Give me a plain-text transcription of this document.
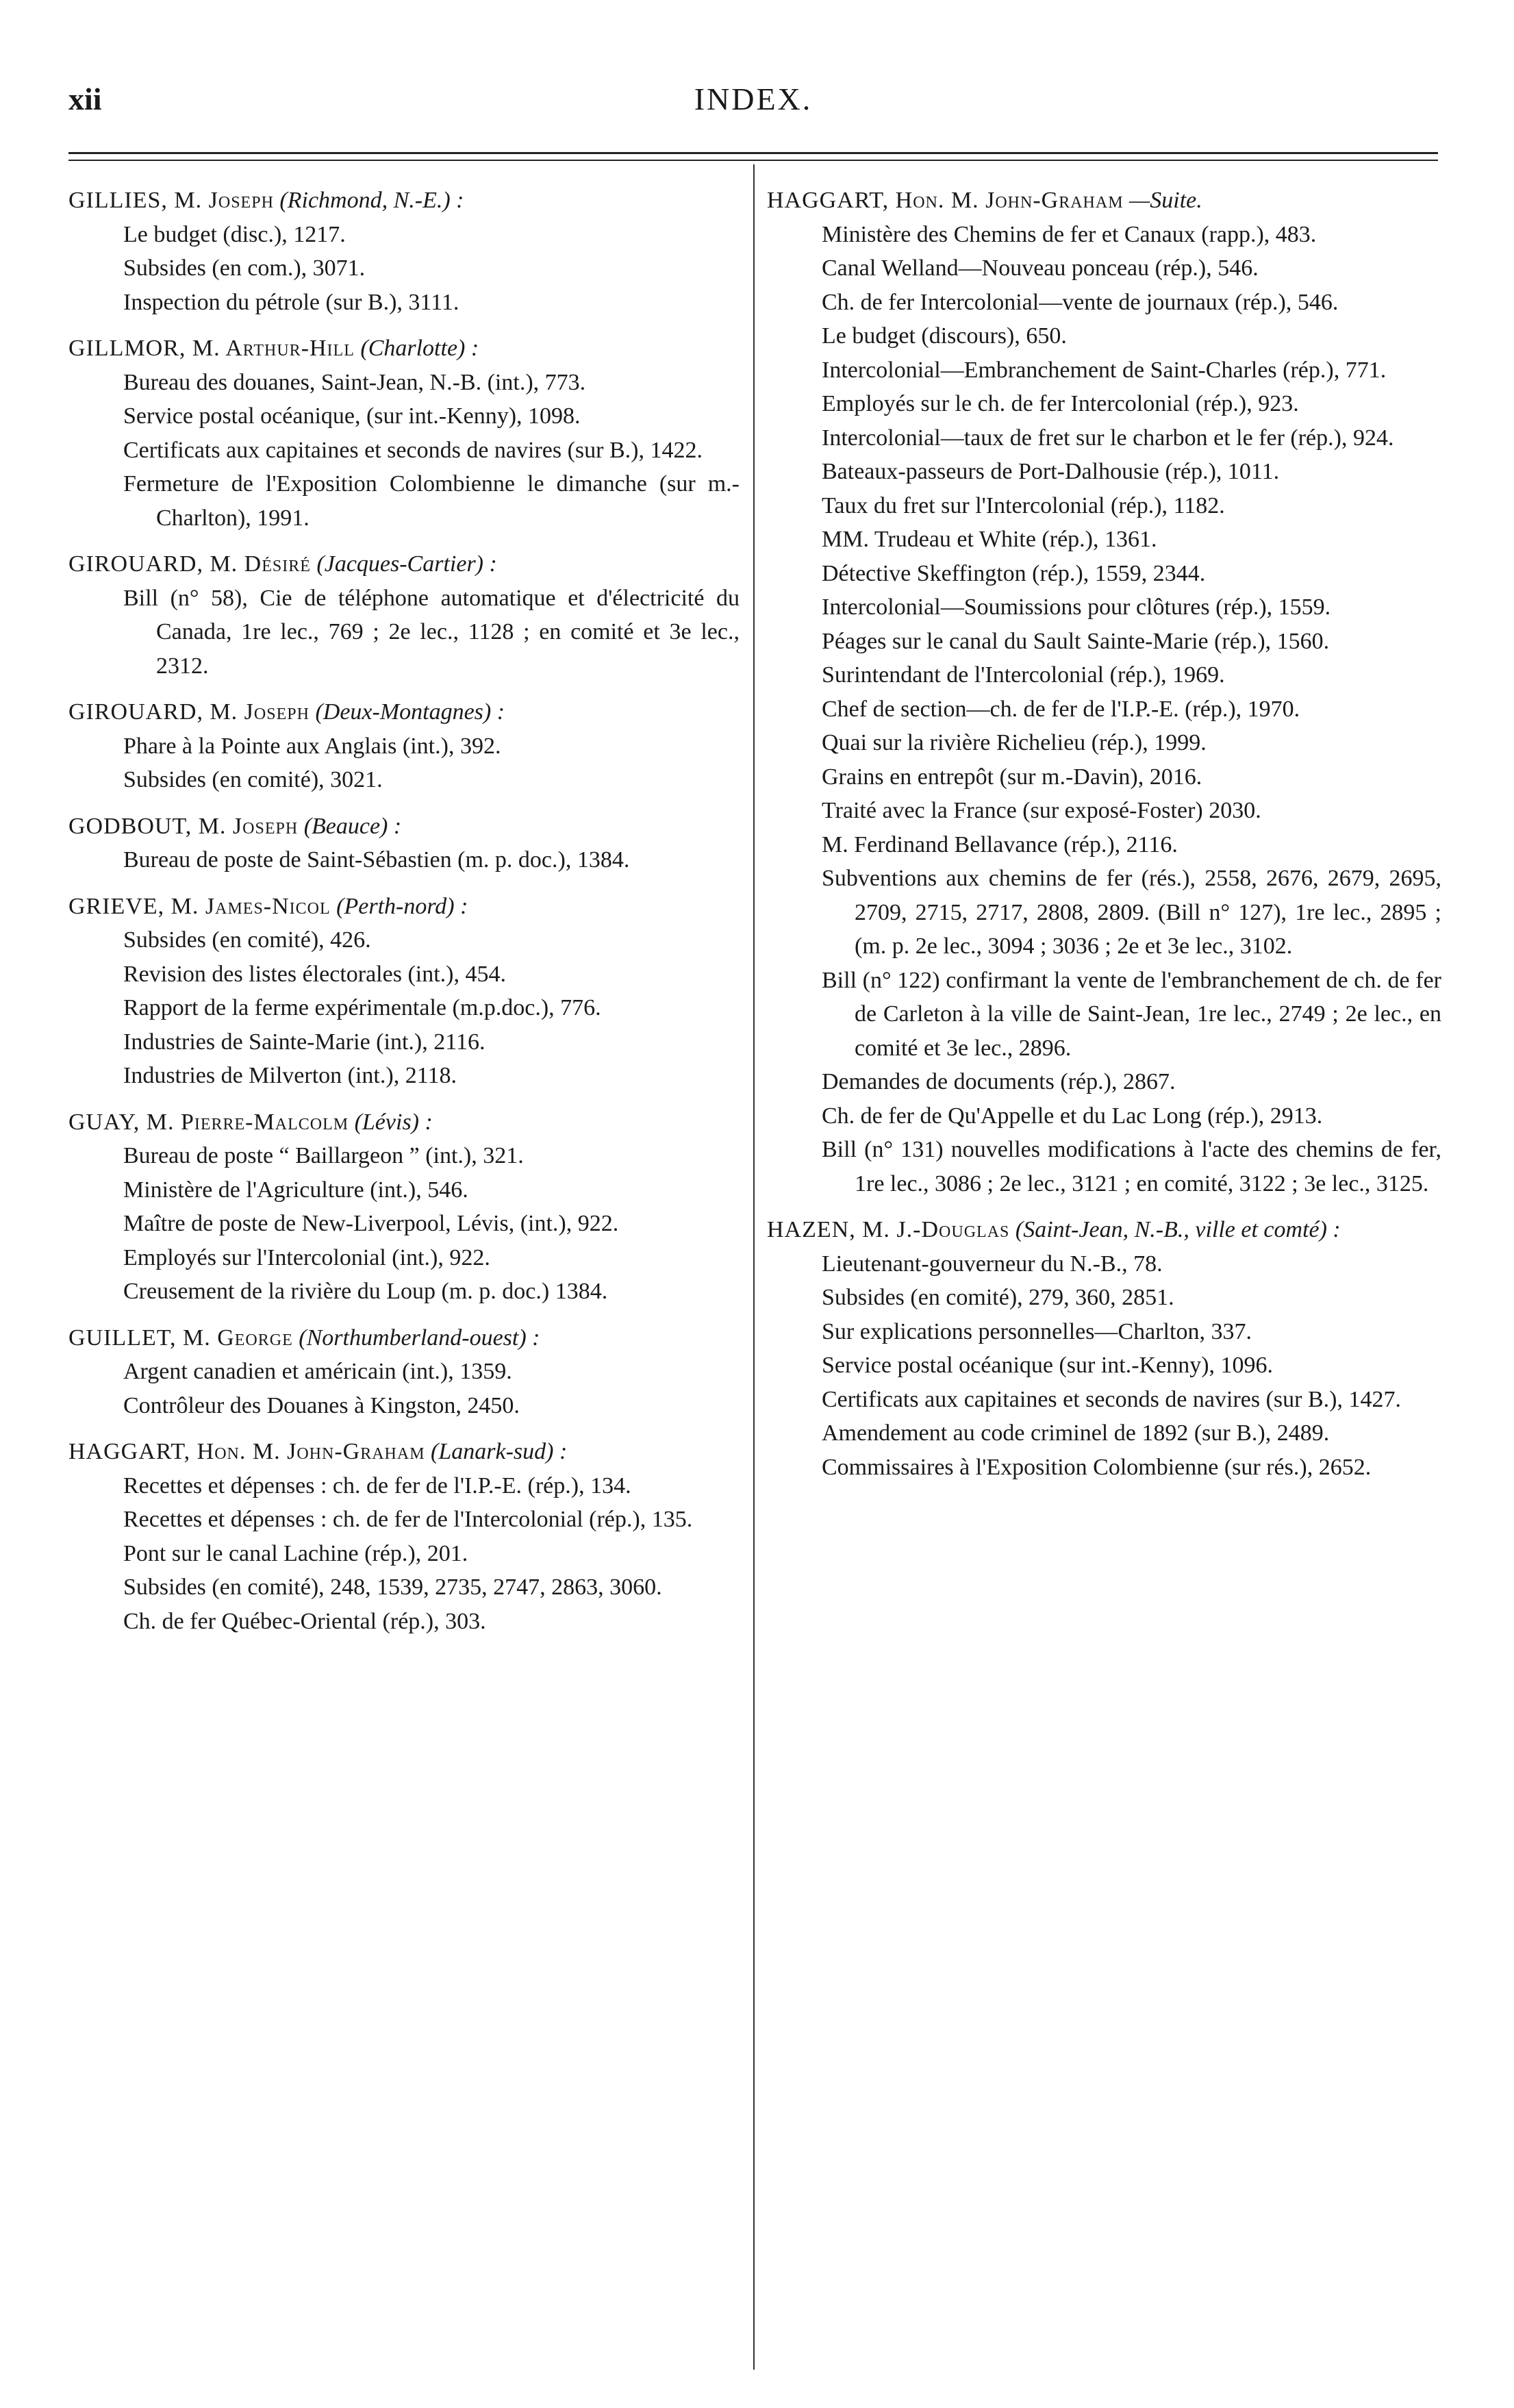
xii	INDEX.
GILLIES, M. Joseph (Richmond, N.-E.) :
Le budget (disc.), 1217.
Subsides (en com.), 3071.
Inspection du pétrole (sur B.), 3111.
GILLMOR, M. Arthur-Hill (Charlotte) :
Bureau des douanes, Saint-Jean, N.-B. (int.), 773.
Service postal océanique, (sur int.-Kenny), 1098.
Certificats aux capitaines et seconds de navires (sur B.), 1422.
Fermeture de l'Exposition Colombienne le dimanche (sur m.-Charlton), 1991.
GIROUARD, M. Désiré (Jacques-Cartier) :
Bill (n° 58), Cie de téléphone automatique et d'électricité du Canada, 1re lec., 769 ; 2e lec., 1128 ; en comité et 3e lec., 2312.
GIROUARD, M. Joseph (Deux-Montagnes) :
Phare à la Pointe aux Anglais (int.), 392.
Subsides (en comité), 3021.
GODBOUT, M. Joseph (Beauce) :
Bureau de poste de Saint-Sébastien (m. p. doc.), 1384.
GRIEVE, M. James-Nicol (Perth-nord) :
Subsides (en comité), 426.
Revision des listes électorales (int.), 454.
Rapport de la ferme expérimentale (m.p.doc.), 776.
Industries de Sainte-Marie (int.), 2116.
Industries de Milverton (int.), 2118.
GUAY, M. Pierre-Malcolm (Lévis) :
Bureau de poste “ Baillargeon ” (int.), 321.
Ministère de l'Agriculture (int.), 546.
Maître de poste de New-Liverpool, Lévis, (int.), 922.
Employés sur l'Intercolonial (int.), 922.
Creusement de la rivière du Loup (m. p. doc.) 1384.
GUILLET, M. George (Northumberland-ouest) :
Argent canadien et américain (int.), 1359.
Contrôleur des Douanes à Kingston, 2450.
HAGGART, Hon. M. John-Graham (Lanark-sud) :
Recettes et dépenses : ch. de fer de l'I.P.-E. (rép.), 134.
Recettes et dépenses : ch. de fer de l'Intercolonial (rép.), 135.
Pont sur le canal Lachine (rép.), 201.
Subsides (en comité), 248, 1539, 2735, 2747, 2863, 3060.
Ch. de fer Québec-Oriental (rép.), 303.
HAGGART, Hon. M. John-Graham —Suite.
Ministère des Chemins de fer et Canaux (rapp.), 483.
Canal Welland—Nouveau ponceau (rép.), 546.
Ch. de fer Intercolonial—vente de journaux (rép.), 546.
Le budget (discours), 650.
Intercolonial—Embranchement de Saint-Charles (rép.), 771.
Employés sur le ch. de fer Intercolonial (rép.), 923.
Intercolonial—taux de fret sur le charbon et le fer (rép.), 924.
Bateaux-passeurs de Port-Dalhousie (rép.), 1011.
Taux du fret sur l'Intercolonial (rép.), 1182.
MM. Trudeau et White (rép.), 1361.
Détective Skeffington (rép.), 1559, 2344.
Intercolonial—Soumissions pour clôtures (rép.), 1559.
Péages sur le canal du Sault Sainte-Marie (rép.), 1560.
Surintendant de l'Intercolonial (rép.), 1969.
Chef de section—ch. de fer de l'I.P.-E. (rép.), 1970.
Quai sur la rivière Richelieu (rép.), 1999.
Grains en entrepôt (sur m.-Davin), 2016.
Traité avec la France (sur exposé-Foster) 2030.
M. Ferdinand Bellavance (rép.), 2116.
Subventions aux chemins de fer (rés.), 2558, 2676, 2679, 2695, 2709, 2715, 2717, 2808, 2809. (Bill n° 127), 1re lec., 2895 ; (m. p. 2e lec., 3094 ; 3036 ; 2e et 3e lec., 3102.
Bill (n° 122) confirmant la vente de l'embranchement de ch. de fer de Carleton à la ville de Saint-Jean, 1re lec., 2749 ; 2e lec., en comité et 3e lec., 2896.
Demandes de documents (rép.), 2867.
Ch. de fer de Qu'Appelle et du Lac Long (rép.), 2913.
Bill (n° 131) nouvelles modifications à l'acte des chemins de fer, 1re lec., 3086 ; 2e lec., 3121 ; en comité, 3122 ; 3e lec., 3125.
HAZEN, M. J.-Douglas (Saint-Jean, N.-B., ville et comté) :
Lieutenant-gouverneur du N.-B., 78.
Subsides (en comité), 279, 360, 2851.
Sur explications personnelles—Charlton, 337.
Service postal océanique (sur int.-Kenny), 1096.
Certificats aux capitaines et seconds de navires (sur B.), 1427.
Amendement au code criminel de 1892 (sur B.), 2489.
Commissaires à l'Exposition Colombienne (sur rés.), 2652.
